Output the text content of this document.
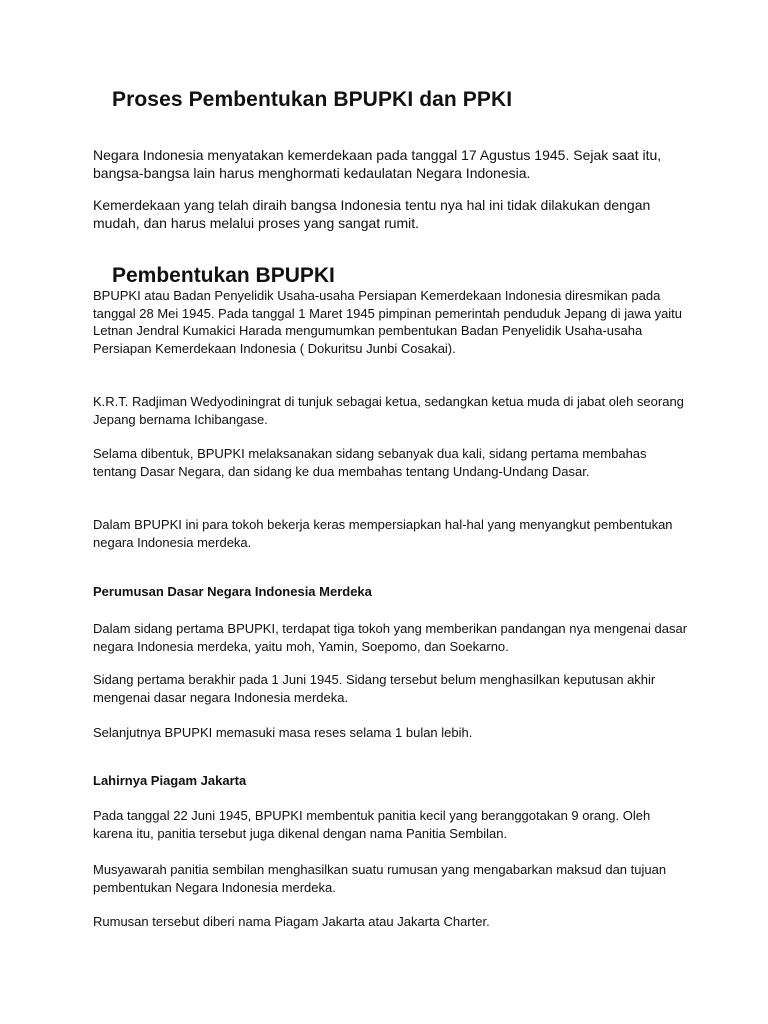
Proses Pembentukan BPUPKI dan PPKI

Negara Indonesia menyatakan kemerdekaan pada tanggal 17 Agustus 1945. Sejak saat itu, bangsa-bangsa lain harus menghormati kedaulatan Negara Indonesia.

Kemerdekaan yang telah diraih bangsa Indonesia tentu nya hal ini tidak dilakukan dengan mudah, dan harus melalui proses yang sangat rumit.

Pembentukan BPUPKI

BPUPKI atau Badan Penyelidik Usaha-usaha Persiapan Kemerdekaan Indonesia diresmikan pada tanggal 28 Mei 1945. Pada tanggal 1 Maret 1945 pimpinan pemerintah penduduk Jepang di jawa yaitu Letnan Jendral Kumakici Harada mengumumkan pembentukan Badan Penyelidik Usaha-usaha Persiapan Kemerdekaan Indonesia ( Dokuritsu Junbi Cosakai).

K.R.T. Radjiman Wedyodiningrat di tunjuk sebagai ketua, sedangkan ketua muda di jabat oleh seorang Jepang bernama Ichibangase.

Selama dibentuk, BPUPKI melaksanakan sidang sebanyak dua kali, sidang pertama membahas tentang Dasar Negara, dan sidang ke dua membahas tentang Undang-Undang Dasar.

Dalam BPUPKI ini para tokoh bekerja keras mempersiapkan hal-hal yang menyangkut pembentukan negara Indonesia merdeka.

Perumusan Dasar Negara Indonesia Merdeka

Dalam sidang pertama BPUPKI, terdapat tiga tokoh yang memberikan pandangan nya mengenai dasar negara Indonesia merdeka, yaitu moh, Yamin, Soepomo, dan Soekarno.

Sidang pertama berakhir pada 1 Juni 1945. Sidang tersebut belum menghasilkan keputusan akhir mengenai dasar negara Indonesia merdeka.

Selanjutnya BPUPKI memasuki masa reses selama 1 bulan lebih.

Lahirnya Piagam Jakarta

Pada tanggal 22 Juni 1945, BPUPKI membentuk panitia kecil yang beranggotakan 9 orang. Oleh karena itu, panitia tersebut juga dikenal dengan nama Panitia Sembilan.

Musyawarah panitia sembilan menghasilkan suatu rumusan yang mengabarkan maksud dan tujuan pembentukan Negara Indonesia merdeka.

Rumusan tersebut diberi nama Piagam Jakarta atau Jakarta Charter.
